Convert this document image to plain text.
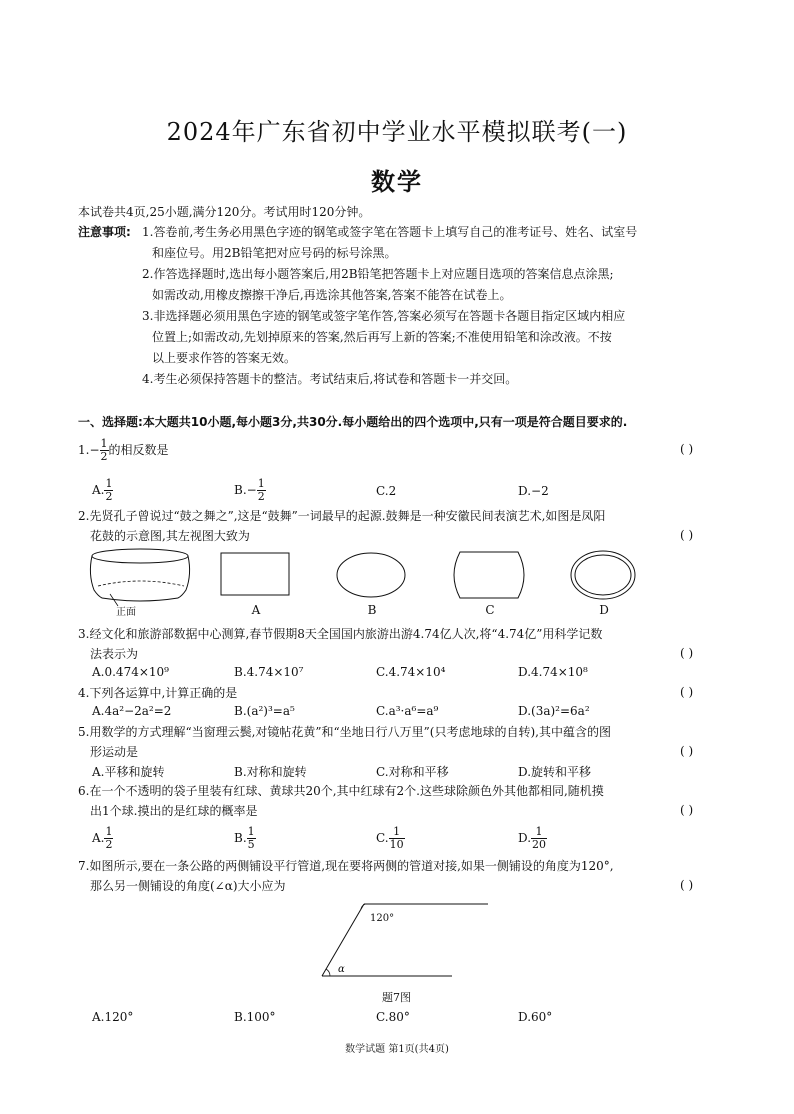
2024年广东省初中学业水平模拟联考(一)
数学
本试卷共4页,25小题,满分120分。考试用时120分钟。
注意事项: 1.答卷前,考生务必用黑色字迹的钢笔或签字笔在答题卡上填写自己的准考证号、姓名、试室号
和座位号。用2B铅笔把对应号码的标号涂黑。
2.作答选择题时,选出每小题答案后,用2B铅笔把答题卡上对应题目选项的答案信息点涂黑;
如需改动,用橡皮擦擦干净后,再选涂其他答案,答案不能答在试卷上。
3.非选择题必须用黑色字迹的钢笔或签字笔作答,答案必须写在答题卡各题目指定区域内相应
位置上;如需改动,先划掉原来的答案,然后再写上新的答案;不准使用铅笔和涂改液。不按
以上要求作答的答案无效。
4.考生必须保持答题卡的整洁。考试结束后,将试卷和答题卡一并交回。
一、选择题:本大题共10小题,每小题3分,共30分.每小题给出的四个选项中,只有一项是符合题目要求的.
$1.- \frac{1}{2}$ 的相反数是	( )
A. $\frac{1}{2}$	$B.- \frac{1}{2}$	C.2	D.−2
2.先贤孔子曾说过“鼓之舞之”,这是“鼓舞”一词最早的起源.鼓舞是一种安徽民间表演艺术,如图是凤阳
花鼓的示意图,其左视图大致为	( )
正面	A	B	C	D
3.经文化和旅游部数据中心测算,春节假期8天全国国内旅游出游4.74亿人次,将“4.74亿”用科学记数
法表示为	( )
A.0.474×10⁹	B.4.74×10⁷	C.4.74×10⁴	D.4.74×10⁸
4.下列各运算中,计算正确的是	( )
A.4a²−2a²=2	B.(a²)³=a⁵	C.a³·a⁶=a⁹	D.(3a)²=6a²
5.用数学的方式理解“当窗理云鬓,对镜帖花黄”和“坐地日行八万里”(只考虑地球的自转),其中蕴含的图
形运动是	( )
A.平移和旋转	B.对称和旋转	C.对称和平移	D.旋转和平移
6.在一个不透明的袋子里装有红球、黄球共20个,其中红球有2个.这些球除颜色外其他都相同,随机摸
出1个球.摸出的是红球的概率是	( )
A. $\frac{1}{2}$	B. $\frac{1}{5}$	C. $\frac{1}{10}$	D. $\frac{1}{20}$
7.如图所示,要在一条公路的两侧铺设平行管道,现在要将两侧的管道对接,如果一侧铺设的角度为120°,
那么另一侧铺设的角度(∠α)大小应为	( )
120°
α
题7图
A.120°	B.100°	C.80°	D.60°
数学试题 第1页(共4页)
